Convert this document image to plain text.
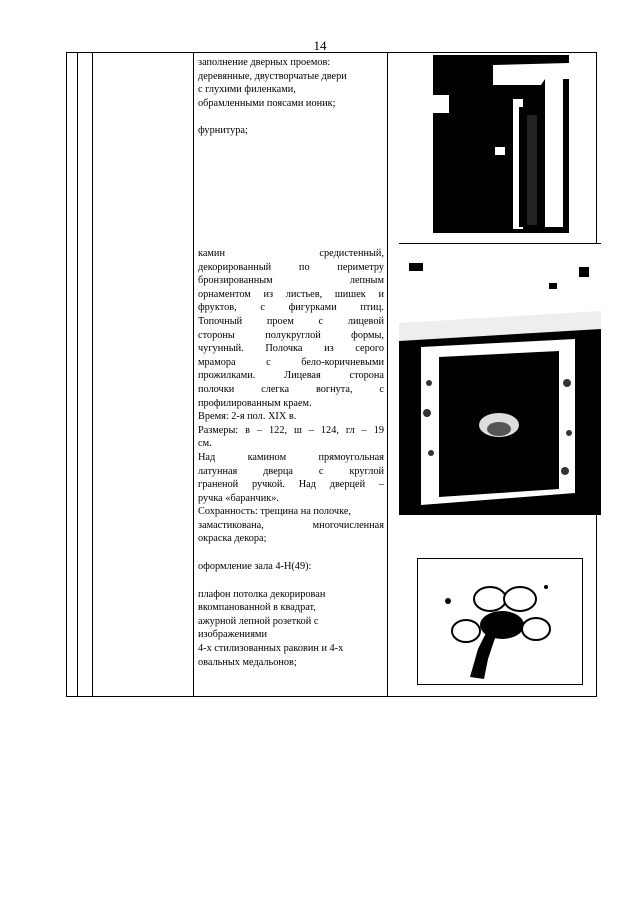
14

заполнение дверных проемов:

деревянные, двустворчатые двери

с глухими филенками,

обрамленными поясами ионик;

фурнитура;

камин средистенный,

декорированный по периметру

бронзированным лепным

орнаментом из листьев, шишек и

фруктов, с фигурками птиц.

Топочный проем с лицевой

стороны полукруглой формы,

чугунный. Полочка из серого

мрамора с бело-коричневыми

прожилками. Лицевая сторона

полочки слегка вогнута, с

профилированным краем.

Время: 2-я пол. XIX в.

Размеры: в – 122, ш – 124, гл – 19

см.

Над каминoм прямоугольная

латунная дверца с круглой

граненой ручкой. Над дверцей –

ручка «баранчик».

Сохранность: трещина на полочке,

замастикована, многочисленная

окраска декора;

оформление зала 4-Н(49):

плафон потолка декорирован

вкомпанованной в квадрат,

ажурной лепной розеткой с

изображениями

4-х стилизованных раковин и 4-х

овальных медальонов;
